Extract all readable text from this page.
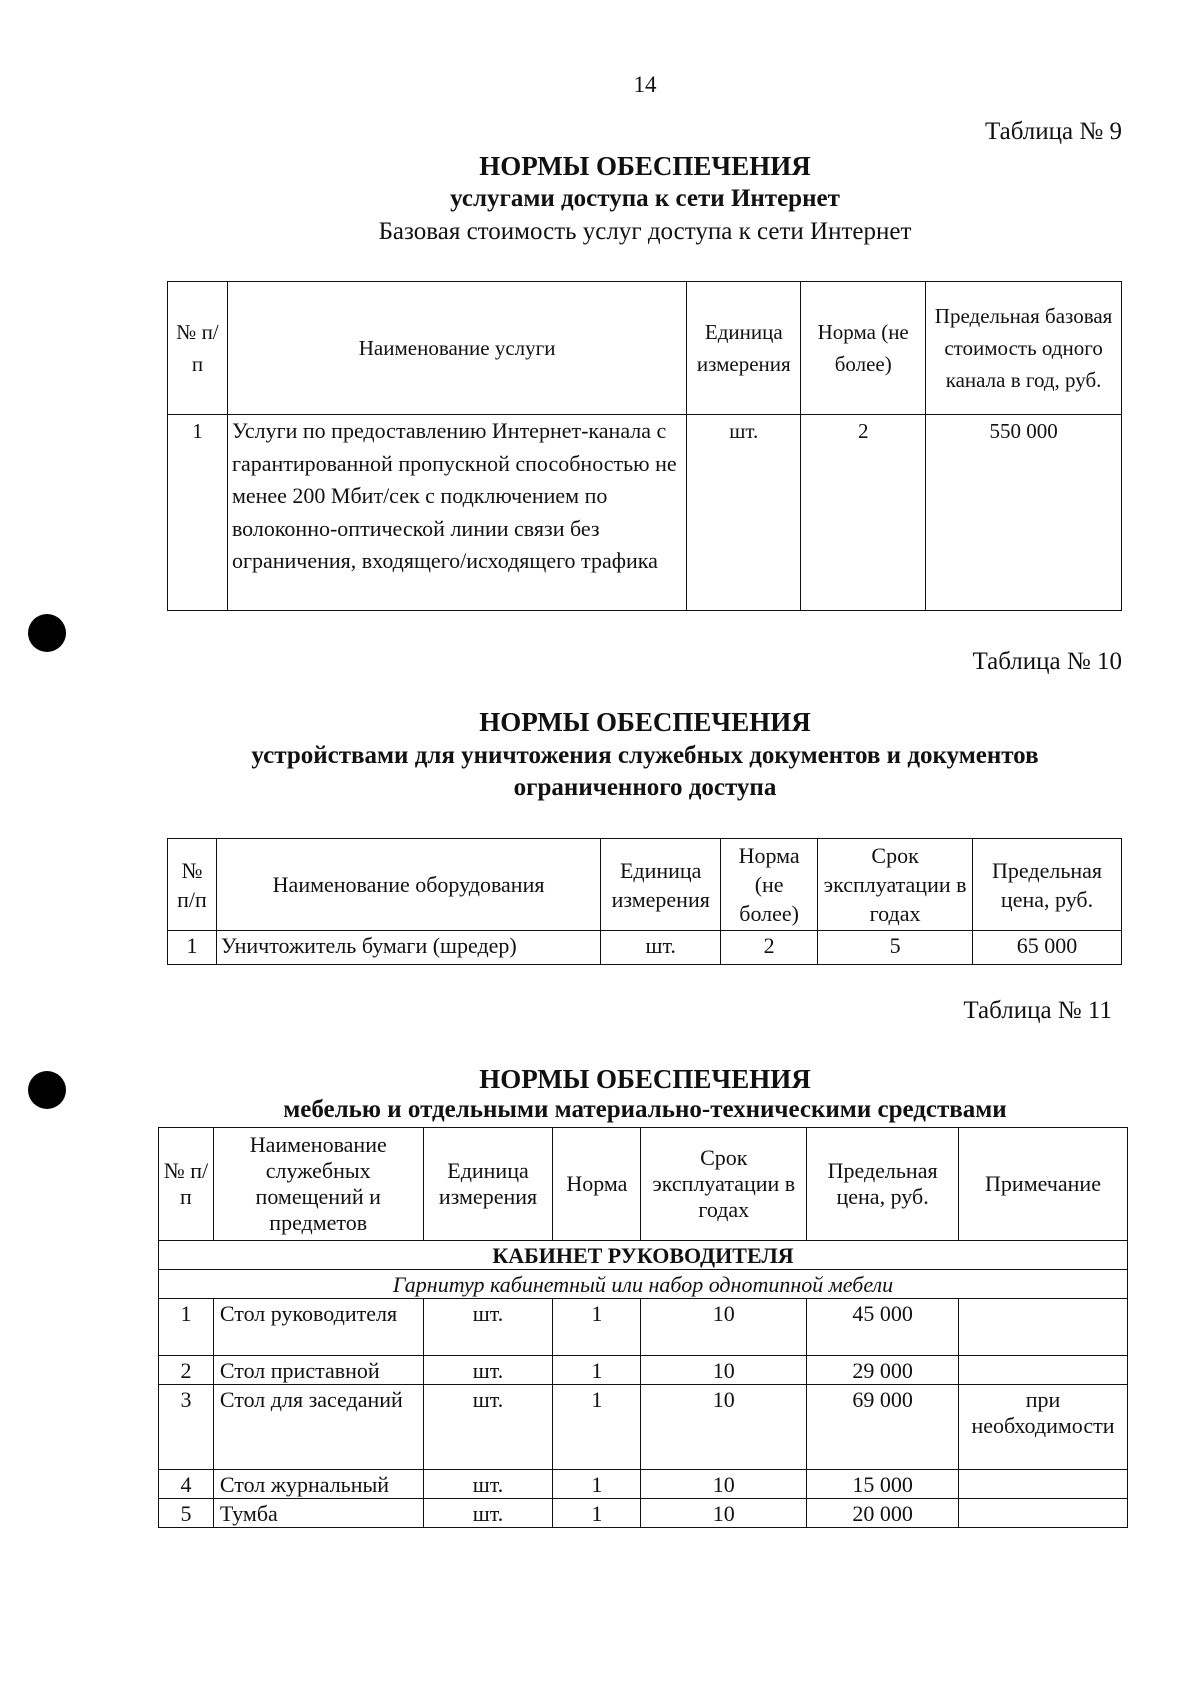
14
Таблица № 9
НОРМЫ ОБЕСПЕЧЕНИЯ
услугами доступа к сети Интернет
Базовая стоимость услуг доступа к сети Интернет
№ п/п	Наименование услуги	Единица измерения	Норма (не более)	Предельная базовая стоимость одного канала в год, руб.
1	Услуги по предоставлению Интернет-канала с гарантированной пропускной способностью не менее 200 Мбит/сек с подключением по волоконно-оптической линии связи без ограничения, входящего/исходящего трафика	шт.	2	550 000
Таблица № 10
НОРМЫ ОБЕСПЕЧЕНИЯ
устройствами для уничтожения служебных документов и документов ограниченного доступа
№ п/п	Наименование оборудования	Единица измерения	Норма (не более)	Срок эксплуатации в годах	Предельная цена, руб.
1	Уничтожитель бумаги (шредер)	шт.	2	5	65 000
Таблица № 11
НОРМЫ ОБЕСПЕЧЕНИЯ
мебелью и отдельными материально-техническими средствами
№ п/п	Наименование служебных помещений и предметов	Единица измерения	Норма	Срок эксплуатации в годах	Предельная цена, руб.	Примечание
КАБИНЕТ РУКОВОДИТЕЛЯ						
Гарнитур кабинетный или набор однотипной мебели						
1	Стол руководителя	шт.	1	10	45 000	
2	Стол приставной	шт.	1	10	29 000	
3	Стол для заседаний	шт.	1	10	69 000	при необходимости
4	Стол журнальный	шт.	1	10	15 000	
5	Тумба	шт.	1	10	20 000	
